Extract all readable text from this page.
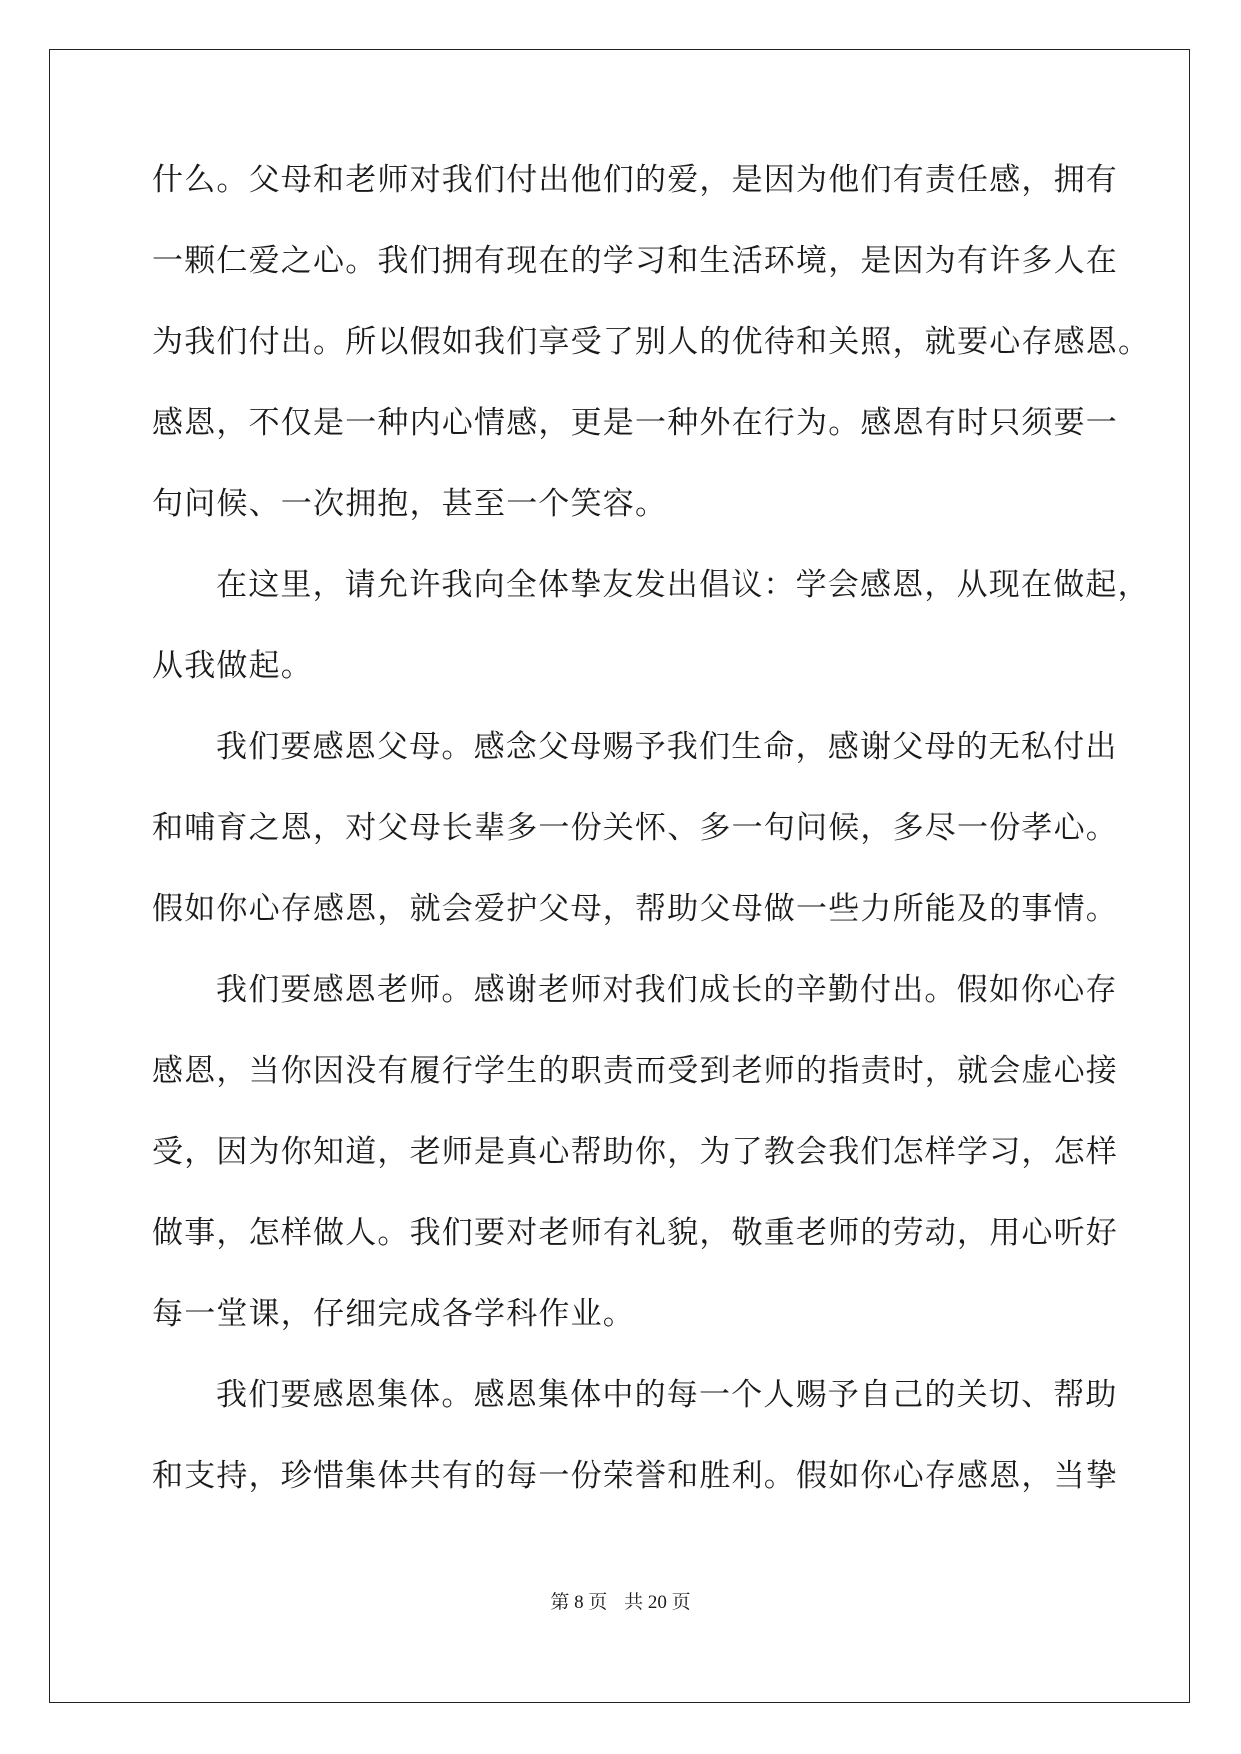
什么。父母和老师对我们付出他们的爱，是因为他们有责任感，拥有
一颗仁爱之心。我们拥有现在的学习和生活环境，是因为有许多人在
为我们付出。所以假如我们享受了别人的优待和关照，就要心存感恩。
感恩，不仅是一种内心情感，更是一种外在行为。感恩有时只须要一
句问候、一次拥抱，甚至一个笑容。
在这里，请允许我向全体挚友发出倡议：学会感恩，从现在做起，
从我做起。
我们要感恩父母。感念父母赐予我们生命，感谢父母的无私付出
和哺育之恩，对父母长辈多一份关怀、多一句问候，多尽一份孝心。
假如你心存感恩，就会爱护父母，帮助父母做一些力所能及的事情。
我们要感恩老师。感谢老师对我们成长的辛勤付出。假如你心存
感恩，当你因没有履行学生的职责而受到老师的指责时，就会虚心接
受，因为你知道，老师是真心帮助你，为了教会我们怎样学习，怎样
做事，怎样做人。我们要对老师有礼貌，敬重老师的劳动，用心听好
每一堂课，仔细完成各学科作业。
我们要感恩集体。感恩集体中的每一个人赐予自己的关切、帮助
和支持，珍惜集体共有的每一份荣誉和胜利。假如你心存感恩，当挚
第 8 页 共 20 页
